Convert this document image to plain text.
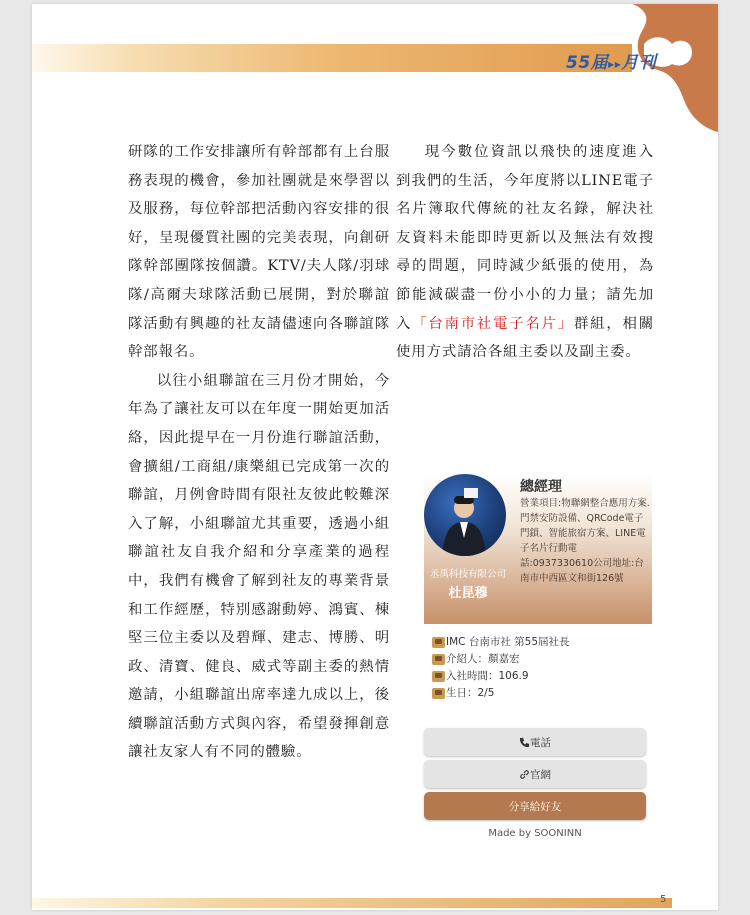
55届▸▸月刊

研隊的工作安排讓所有幹部都有上台服務表現的機會，參加社團就是來學習以及服務，每位幹部把活動內容安排的很好，呈現優質社團的完美表現，向創研隊幹部團隊按個讚。KTV/夫人隊/羽球隊/高爾夫球隊活動已展開，對於聯誼隊活動有興趣的社友請儘速向各聯誼隊幹部報名。

以往小組聯誼在三月份才開始，今年為了讓社友可以在年度一開始更加活絡，因此提早在一月份進行聯誼活動，會擴組/工商組/康樂組已完成第一次的聯誼，月例會時間有限社友彼此較難深入了解，小組聯誼尤其重要，透過小組聯誼社友自我介紹和分享產業的過程中，我們有機會了解到社友的專業背景和工作經歷，特別感謝動婷、鴻賓、棟堅三位主委以及碧輝、建志、博勝、明政、清寶、健良、威式等副主委的熱情邀請，小組聯誼出席率達九成以上，後續聯誼活動方式與內容，希望發揮創意讓社友家人有不同的體驗。

現今數位資訊以飛快的速度進入到我們的生活，今年度將以LINE電子名片簿取代傳統的社友名錄，解決社友資料未能即時更新以及無法有效搜尋的問題，同時減少紙張的使用，為節能減碳盡一份小小的力量；請先加入「台南市社電子名片」群組，相關使用方式請洽各組主委以及副主委。

丞禹科技有限公司
杜昆穆
總經理
營業項目:物聯網整合應用方案.門禁安防設備、QRCode電子門鎖、智能旅宿方案、LINE電子名片行動電話:0937330610公司地址:台南市中西區文和街126號
IMC 台南市社 第55屆社長
介紹人：顏嘉宏
入社時間：106.9
生日：2/5
電話
官網
分享給好友
Made by SOONINN
5
